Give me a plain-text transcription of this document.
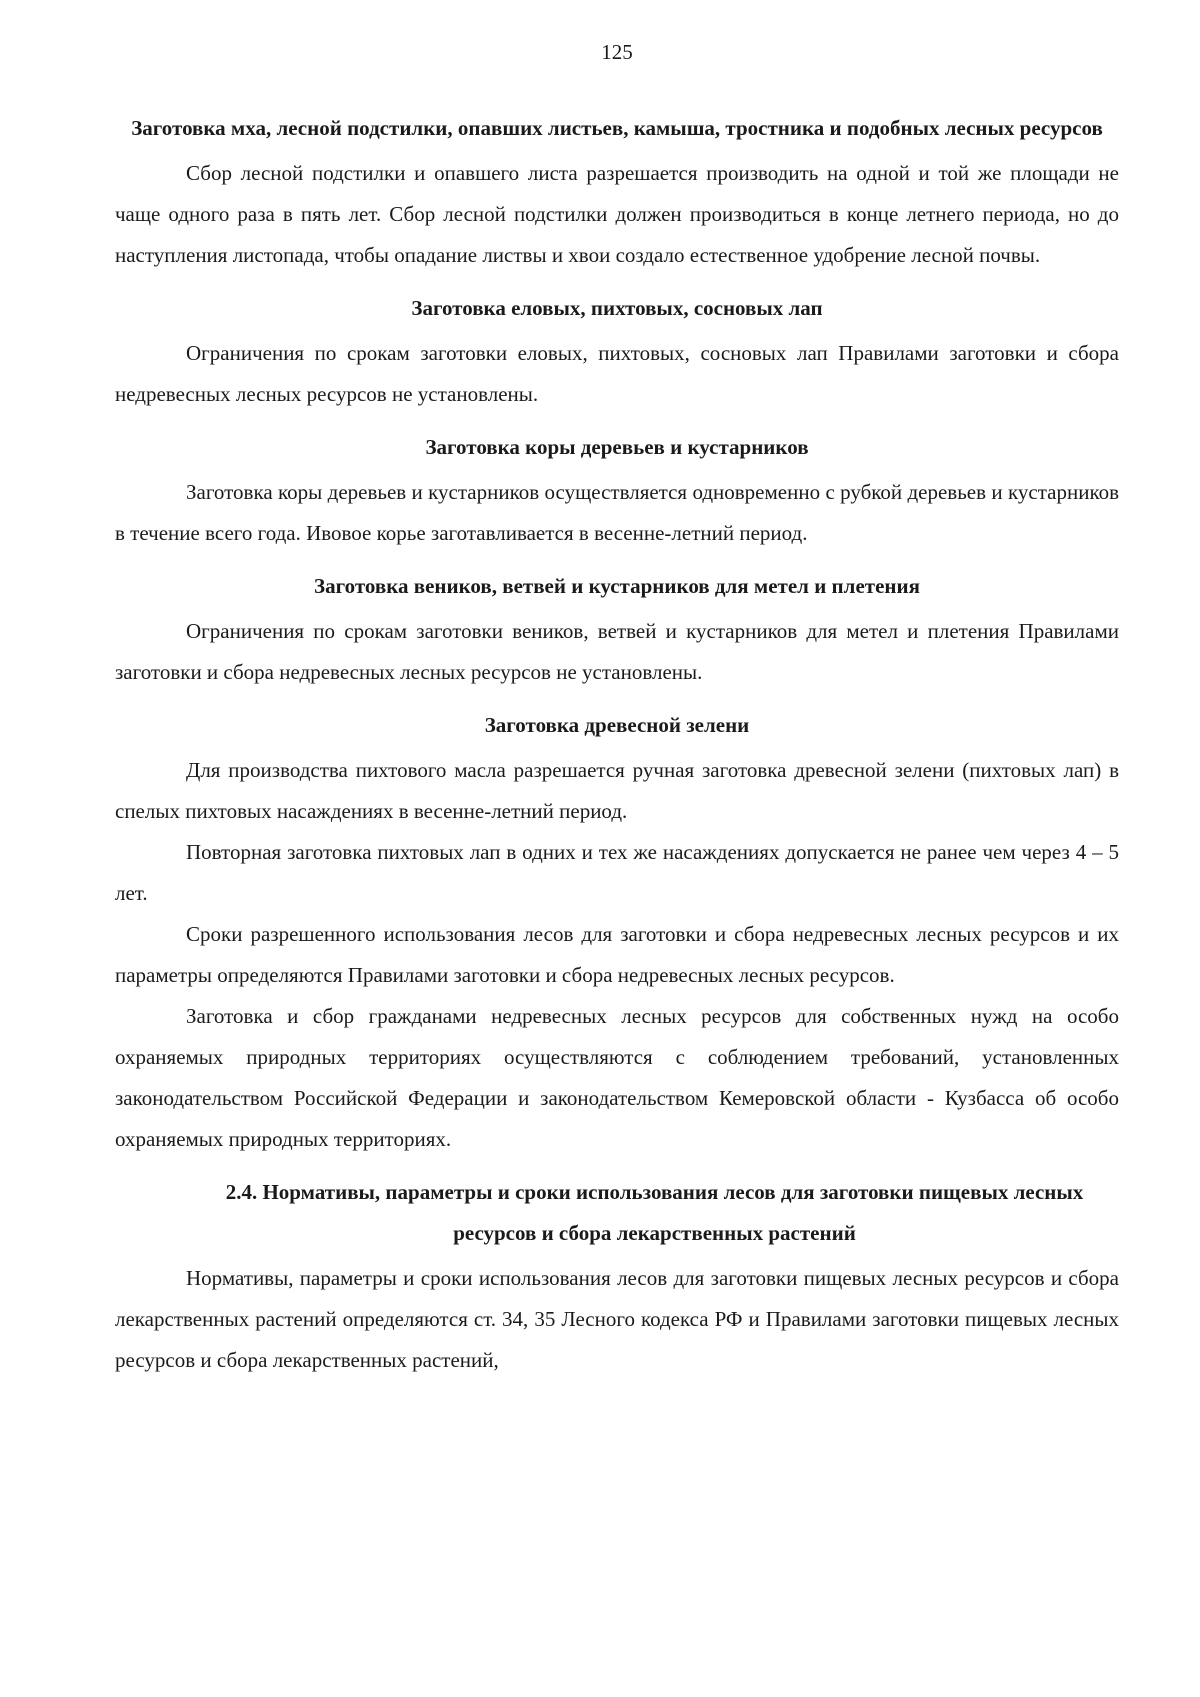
125
Заготовка мха, лесной подстилки, опавших листьев, камыша, тростника и подобных лесных ресурсов

Сбор лесной подстилки и опавшего листа разрешается производить на одной и той же площади не чаще одного раза в пять лет. Сбор лесной подстилки должен производиться в конце летнего периода, но до наступления листопада, чтобы опадание листвы и хвои создало естественное удобрение лесной почвы.

Заготовка еловых, пихтовых, сосновых лап

Ограничения по срокам заготовки еловых, пихтовых, сосновых лап Правилами заготовки и сбора недревесных лесных ресурсов не установлены.

Заготовка коры деревьев и кустарников

Заготовка коры деревьев и кустарников осуществляется одновременно с рубкой деревьев и кустарников в течение всего года. Ивовое корье заготавливается в весенне-летний период.

Заготовка веников, ветвей и кустарников для метел и плетения

Ограничения по срокам заготовки веников, ветвей и кустарников для метел и плетения Правилами заготовки и сбора недревесных лесных ресурсов не установлены.

Заготовка древесной зелени

Для производства пихтового масла разрешается ручная заготовка древесной зелени (пихтовых лап) в спелых пихтовых насаждениях в весенне-летний период.

Повторная заготовка пихтовых лап в одних и тех же насаждениях допускается не ранее чем через 4 – 5 лет.

Сроки разрешенного использования лесов для заготовки и сбора недревесных лесных ресурсов и их параметры определяются Правилами заготовки и сбора недревесных лесных ресурсов.

Заготовка и сбор гражданами недревесных лесных ресурсов для собственных нужд на особо охраняемых природных территориях осуществляются с соблюдением требований, установленных законодательством Российской Федерации и законодательством Кемеровской области - Кузбасса об особо охраняемых природных территориях.

2.4. Нормативы, параметры и сроки использования лесов для заготовки пищевых лесных ресурсов и сбора лекарственных растений

Нормативы, параметры и сроки использования лесов для заготовки пищевых лесных ресурсов и сбора лекарственных растений определяются ст. 34, 35 Лесного кодекса РФ и Правилами заготовки пищевых лесных ресурсов и сбора лекарственных растений,
